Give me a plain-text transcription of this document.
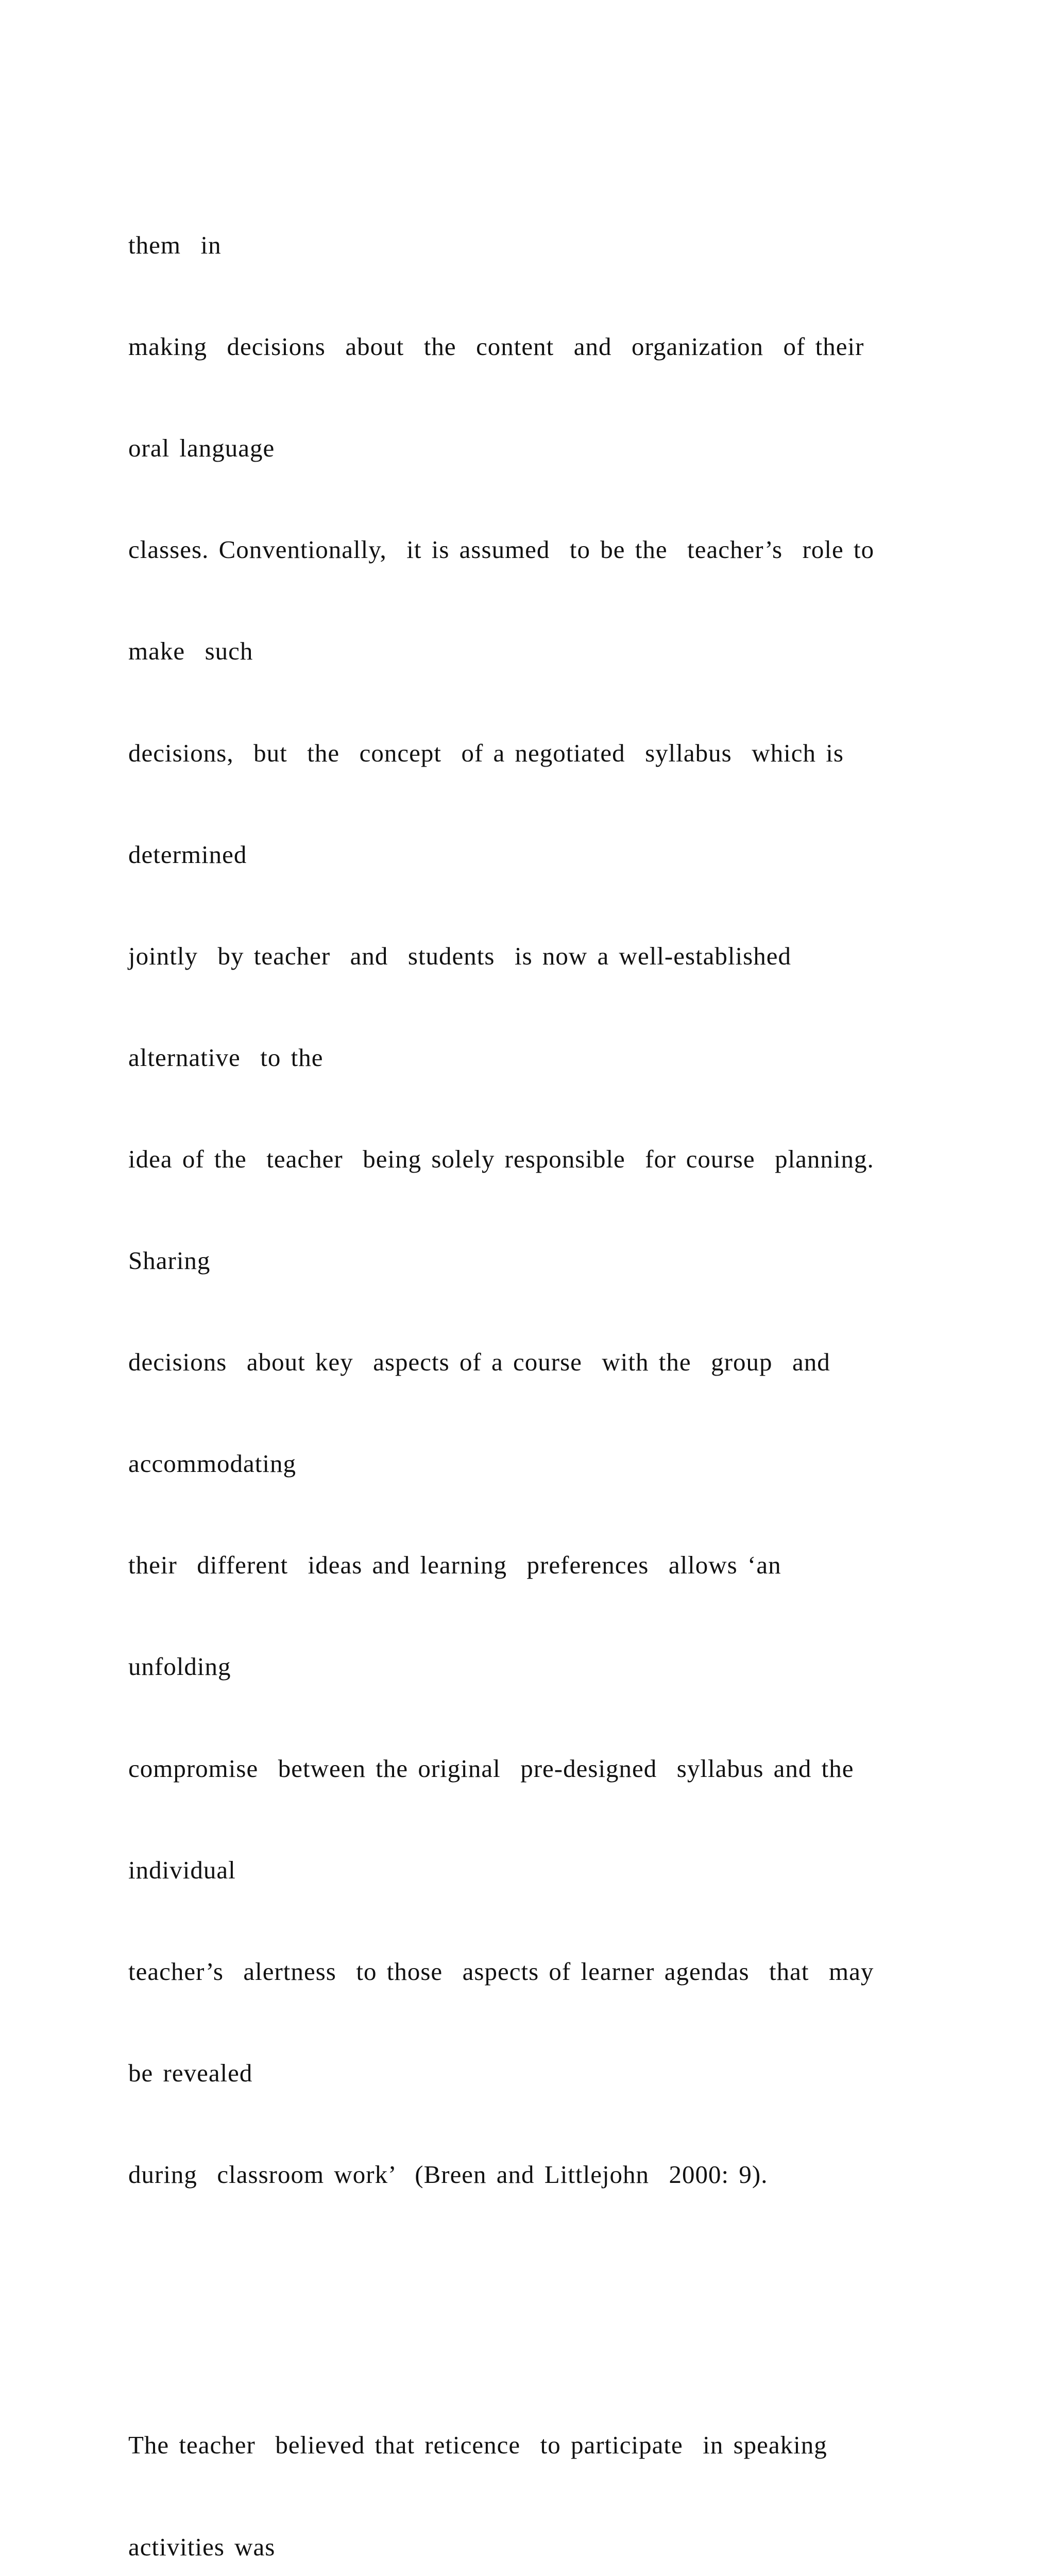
them  in

making  decisions  about  the  content  and  organization  of their

oral language

classes. Conventionally,  it is assumed  to be the  teacher’s  role to

make  such

decisions,  but  the  concept  of a negotiated  syllabus  which is

determined

jointly  by teacher  and  students  is now a well-established

alternative  to the

idea of the  teacher  being solely responsible  for course  planning.

Sharing

decisions  about key  aspects of a course  with the  group  and

accommodating

their  different  ideas and learning  preferences  allows ‘an

unfolding

compromise  between the original  pre-designed  syllabus and the

individual

teacher’s  alertness  to those  aspects of learner agendas  that  may

be revealed

during  classroom work’  (Breen and Littlejohn  2000: 9).

The teacher  believed that reticence  to participate  in speaking

activities was
